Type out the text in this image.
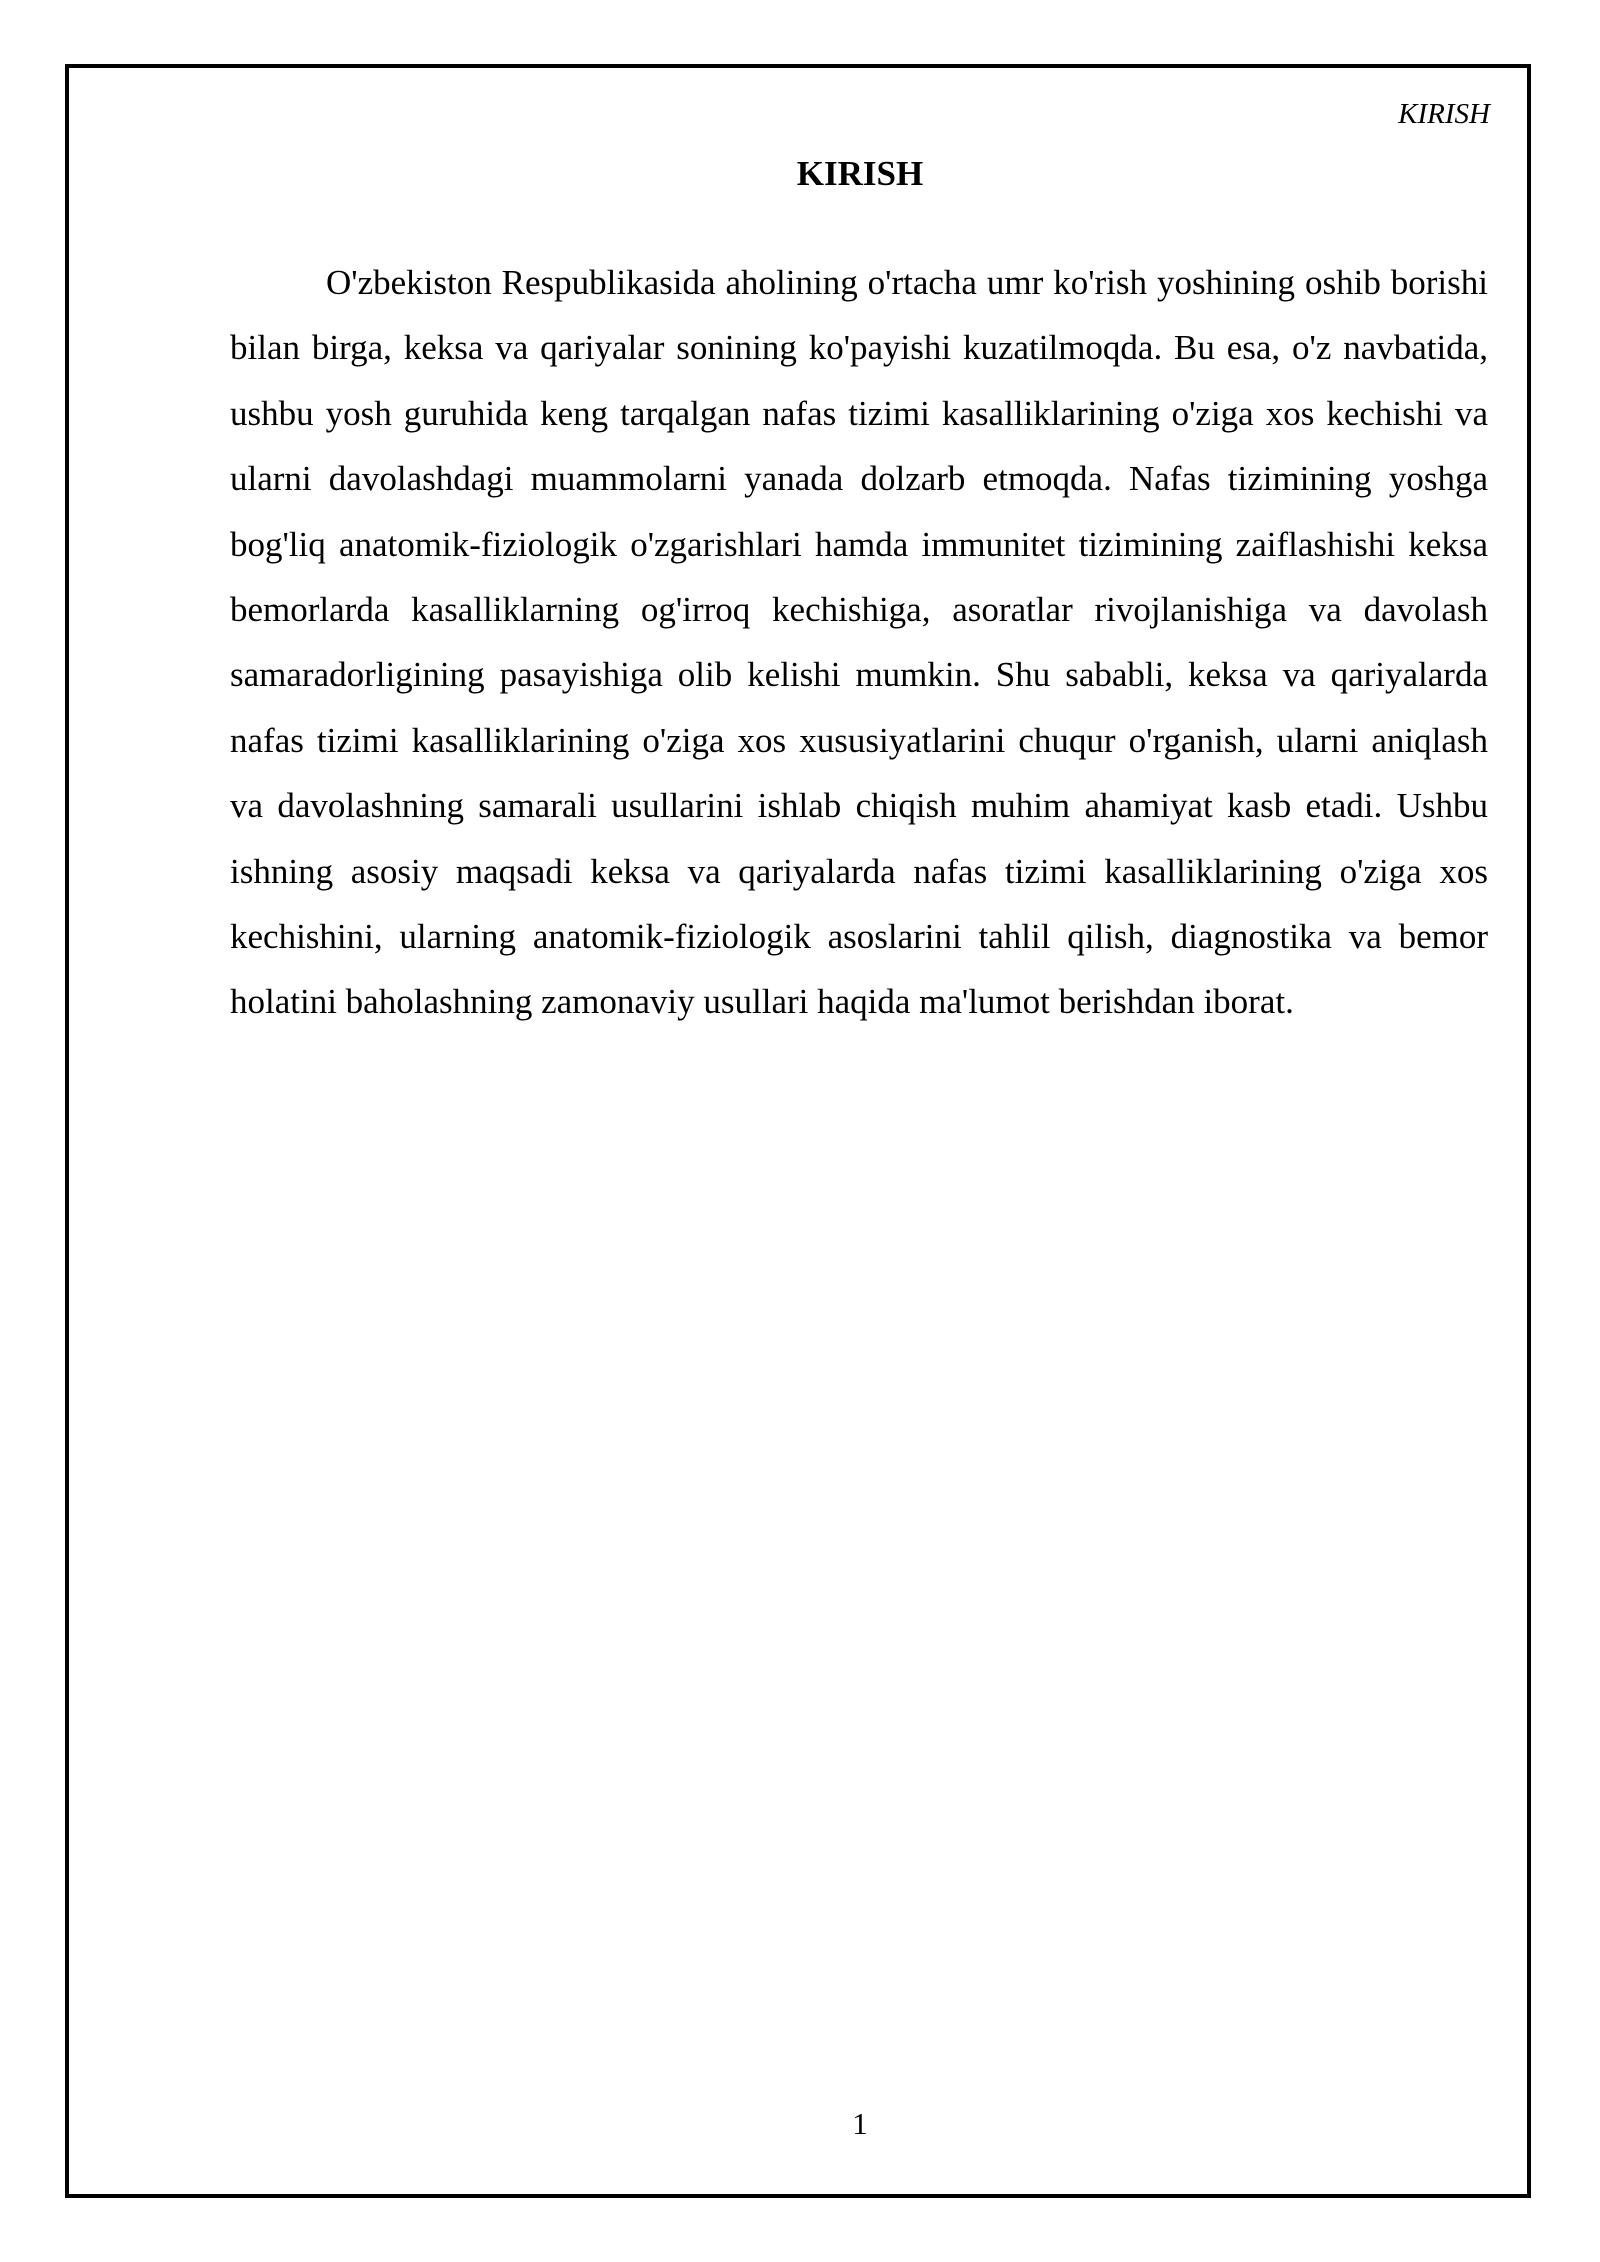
KIRISH
KIRISH

O'zbekiston Respublikasida aholining o'rtacha umr ko'rish yoshining oshib borishi bilan birga, keksa va qariyalar sonining ko'payishi kuzatilmoqda. Bu esa, o'z navbatida, ushbu yosh guruhida keng tarqalgan nafas tizimi kasalliklarining o'ziga xos kechishi va ularni davolashdagi muammolarni yanada dolzarb etmoqda. Nafas tizimining yoshga bog'liq anatomik-fiziologik o'zgarishlari hamda immunitet tizimining zaiflashishi keksa bemorlarda kasalliklarning og'irroq kechishiga, asoratlar rivojlanishiga va davolash samaradorligining pasayishiga olib kelishi mumkin. Shu sababli, keksa va qariyalarda nafas tizimi kasalliklarining o'ziga xos xususiyatlarini chuqur o'rganish, ularni aniqlash va davolashning samarali usullarini ishlab chiqish muhim ahamiyat kasb etadi. Ushbu ishning asosiy maqsadi keksa va qariyalarda nafas tizimi kasalliklarining o'ziga xos kechishini, ularning anatomik-fiziologik asoslarini tahlil qilish, diagnostika va bemor holatini baholashning zamonaviy usullari haqida ma'lumot berishdan iborat.

1
